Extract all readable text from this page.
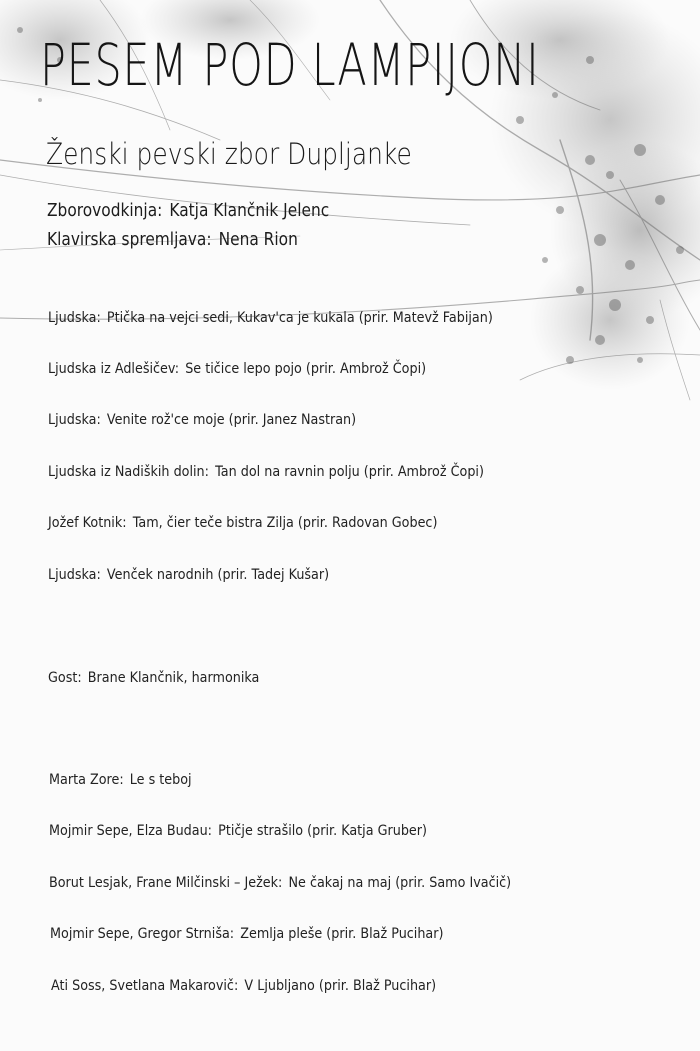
PESEM POD LAMPIJONI
Ženski pevski zbor Dupljanke
Zborovodkinja: Katja Klančnik Jelenc
Klavirska spremljava: Nena Rion
Ljudska: Ptička na vejci sedi, Kukav'ca je kukala (prir. Matevž Fabijan)
Ljudska iz Adlešičev: Se tičice lepo pojo (prir. Ambrož Čopi)
Ljudska: Venite rož'ce moje (prir. Janez Nastran)
Ljudska iz Nadiških dolin: Tan dol na ravnin polju (prir. Ambrož Čopi)
Jožef Kotnik: Tam, čier teče bistra Zilja (prir. Radovan Gobec)
Ljudska: Venček narodnih (prir. Tadej Kušar)
Gost: Brane Klančnik, harmonika
Marta Zore: Le s teboj
Mojmir Sepe, Elza Budau: Ptičje strašilo (prir. Katja Gruber)
Borut Lesjak, Frane Milčinski – Ježek: Ne čakaj na maj (prir. Samo Ivačič)
Mojmir Sepe, Gregor Strniša: Zemlja pleše (prir. Blaž Pucihar)
Ati Soss, Svetlana Makarovič: V Ljubljano (prir. Blaž Pucihar)
